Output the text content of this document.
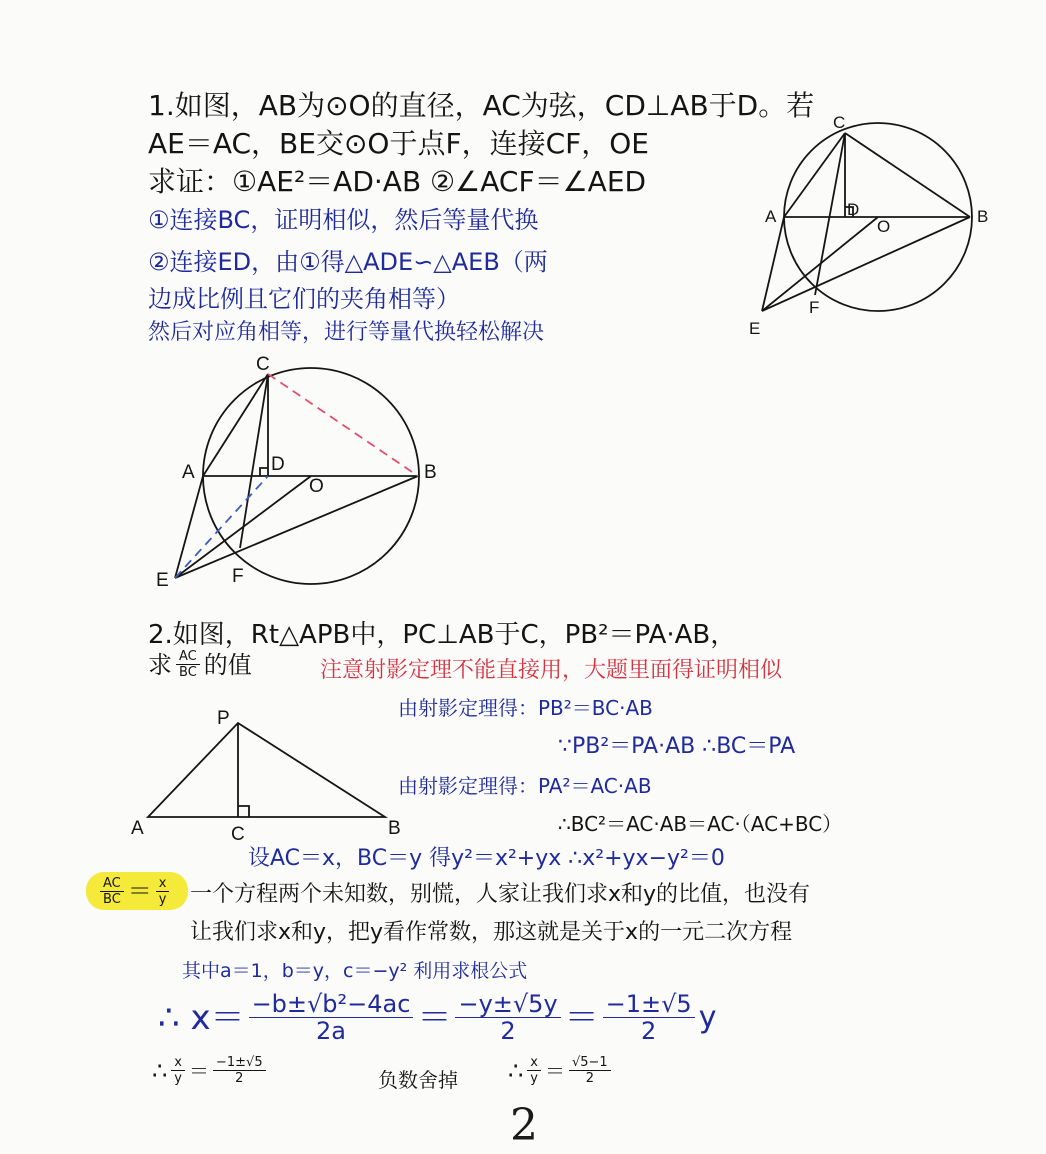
1.如图，AB为⊙O的直径，AC为弦，CD⊥AB于D。若
AE＝AC，BE交⊙O于点F，连接CF，OE
求证：①AE²＝AD·AB ②∠ACF＝∠AED
①连接BC，证明相似，然后等量代换
②连接ED，由①得△ADE∽△AEB（两
边成比例且它们的夹角相等）
然后对应角相等，进行等量代换轻松解决
C
A	D
O
B
F
E
C
A	D
O
B
F
E
2.如图，Rt△APB中，PC⊥AB于C，PB²＝PA·AB，
求 $\frac{AC}{BC}$ 的值	注意射影定理不能直接用，大题里面得证明相似
由射影定理得：PB²＝BC·AB
∵PB²＝PA·AB ∴BC＝PA
由射影定理得：PA²＝AC·AB
∴BC²＝AC·AB＝AC·（AC+BC）
设AC＝x，BC＝y 得y²＝x²+yx ∴x²+yx−y²＝0
P
A	C	B
$\frac{AC}{BC} = \frac{x}{y}$ 一个方程两个未知数，别慌，人家让我们求x和y的比值，也没有
让我们求x和y，把y看作常数，那这就是关于x的一元二次方程
其中a＝1，b＝y，c＝−y² 利用求根公式
∴ $x= \frac{\text{−b±√b²−4ac}}{2a} = \frac{-y\pm√5y}{2} = \frac{-1\pm√5}{2}$ y
∴ $\frac{x}{y} = \frac{-1\pm√5}{2}$	负数舍掉 ∴ $\frac{x}{y} = \frac{√5-1}{2}$
2
